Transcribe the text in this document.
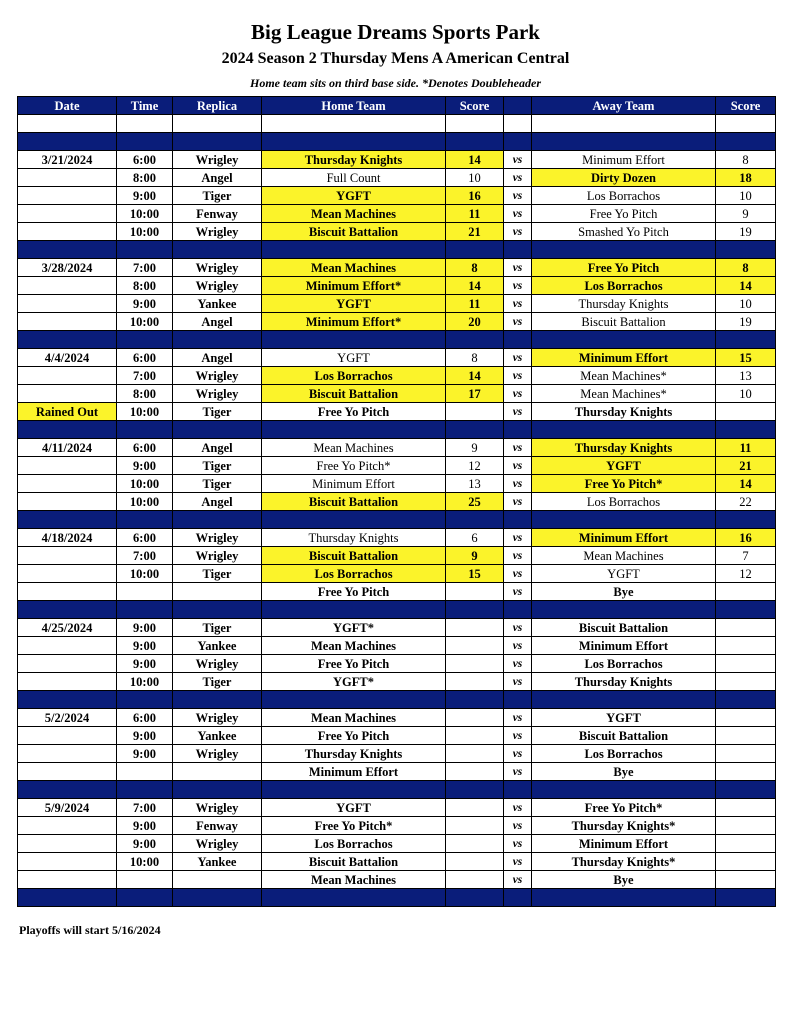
Big League Dreams Sports Park
2024 Season 2 Thursday Mens A American Central
Home team sits on third base side. *Denotes Doubleheader
Date	Time	Replica	Home Team	Score		Away Team	Score

3/21/2024	6:00	Wrigley	Thursday Knights	14	vs	Minimum Effort	8
	8:00	Angel	Full Count	10	vs	Dirty Dozen	18
	9:00	Tiger	YGFT	16	vs	Los Borrachos	10
	10:00	Fenway	Mean Machines	11	vs	Free Yo Pitch	9
	10:00	Wrigley	Biscuit Battalion	21	vs	Smashed Yo Pitch	19

3/28/2024	7:00	Wrigley	Mean Machines	8	vs	Free Yo Pitch	8
	8:00	Wrigley	Minimum Effort*	14	vs	Los Borrachos	14
	9:00	Yankee	YGFT	11	vs	Thursday Knights	10
	10:00	Angel	Minimum Effort*	20	vs	Biscuit Battalion	19

4/4/2024	6:00	Angel	YGFT	8	vs	Minimum Effort	15
	7:00	Wrigley	Los Borrachos	14	vs	Mean Machines*	13
	8:00	Wrigley	Biscuit Battalion	17	vs	Mean Machines*	10
Rained Out	10:00	Tiger	Free Yo Pitch		vs	Thursday Knights	

4/11/2024	6:00	Angel	Mean Machines	9	vs	Thursday Knights	11
	9:00	Tiger	Free Yo Pitch*	12	vs	YGFT	21
	10:00	Tiger	Minimum Effort	13	vs	Free Yo Pitch*	14
	10:00	Angel	Biscuit Battalion	25	vs	Los Borrachos	22

4/18/2024	6:00	Wrigley	Thursday Knights	6	vs	Minimum Effort	16
	7:00	Wrigley	Biscuit Battalion	9	vs	Mean Machines	7
	10:00	Tiger	Los Borrachos	15	vs	YGFT	12
			Free Yo Pitch		vs	Bye	

4/25/2024	9:00	Tiger	YGFT*		vs	Biscuit Battalion	
	9:00	Yankee	Mean Machines		vs	Minimum Effort	
	9:00	Wrigley	Free Yo Pitch		vs	Los Borrachos	
	10:00	Tiger	YGFT*		vs	Thursday Knights	

5/2/2024	6:00	Wrigley	Mean Machines		vs	YGFT	
	9:00	Yankee	Free Yo Pitch		vs	Biscuit Battalion	
	9:00	Wrigley	Thursday Knights		vs	Los Borrachos	
			Minimum Effort		vs	Bye	

5/9/2024	7:00	Wrigley	YGFT		vs	Free Yo Pitch*	
	9:00	Fenway	Free Yo Pitch*		vs	Thursday Knights*	
	9:00	Wrigley	Los Borrachos		vs	Minimum Effort	
	10:00	Yankee	Biscuit Battalion		vs	Thursday Knights*	
			Mean Machines		vs	Bye	

Playoffs will start 5/16/2024
